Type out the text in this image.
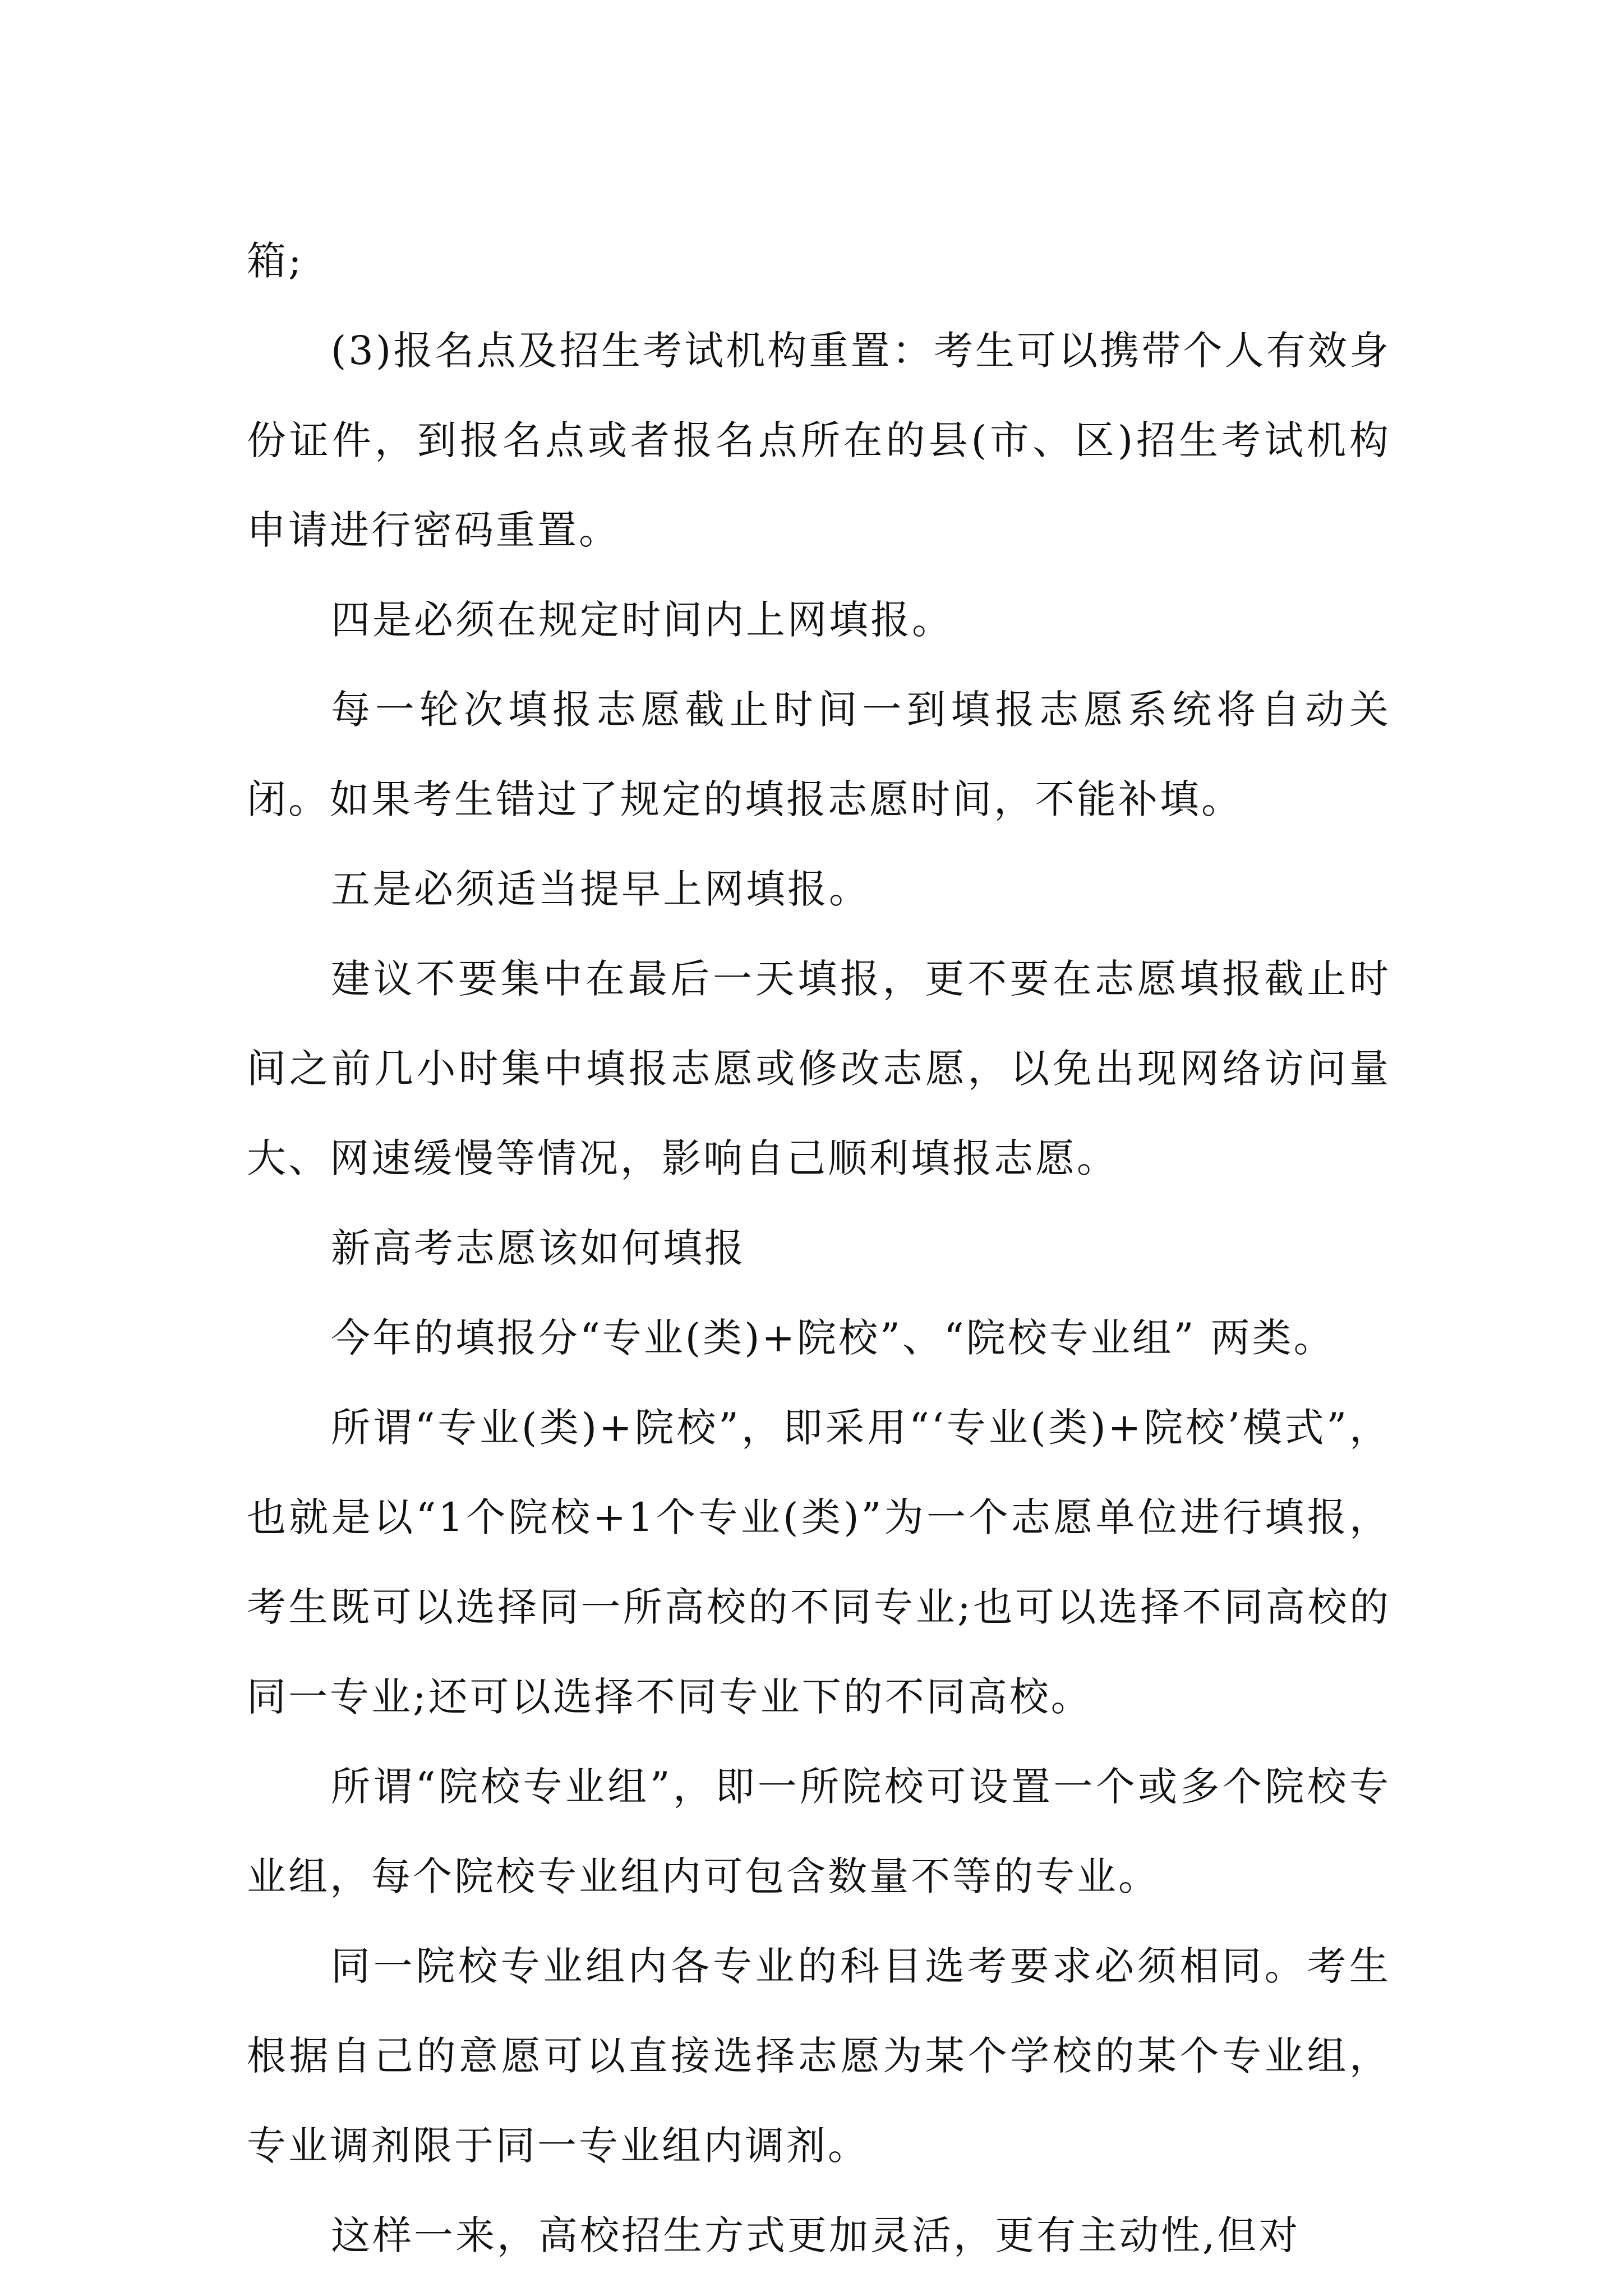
箱;

(3)报名点及招生考试机构重置：考生可以携带个人有效身份证件，到报名点或者报名点所在的县(市、区)招生考试机构申请进行密码重置。

四是必须在规定时间内上网填报。

每一轮次填报志愿截止时间一到填报志愿系统将自动关闭。如果考生错过了规定的填报志愿时间，不能补填。

五是必须适当提早上网填报。

建议不要集中在最后一天填报，更不要在志愿填报截止时间之前几小时集中填报志愿或修改志愿，以免出现网络访问量大、网速缓慢等情况，影响自己顺利填报志愿。

新高考志愿该如何填报

今年的填报分“专业(类)+院校”、“院校专业组” 两类。

所谓“专业(类)+院校”，即采用“‘专业(类)+院校’模式”，也就是以“1个院校+1个专业(类)”为一个志愿单位进行填报，考生既可以选择同一所高校的不同专业;也可以选择不同高校的同一专业;还可以选择不同专业下的不同高校。

所谓“院校专业组”，即一所院校可设置一个或多个院校专业组，每个院校专业组内可包含数量不等的专业。

同一院校专业组内各专业的科目选考要求必须相同。考生根据自己的意愿可以直接选择志愿为某个学校的某个专业组，专业调剂限于同一专业组内调剂。

这样一来，高校招生方式更加灵活，更有主动性,但对
